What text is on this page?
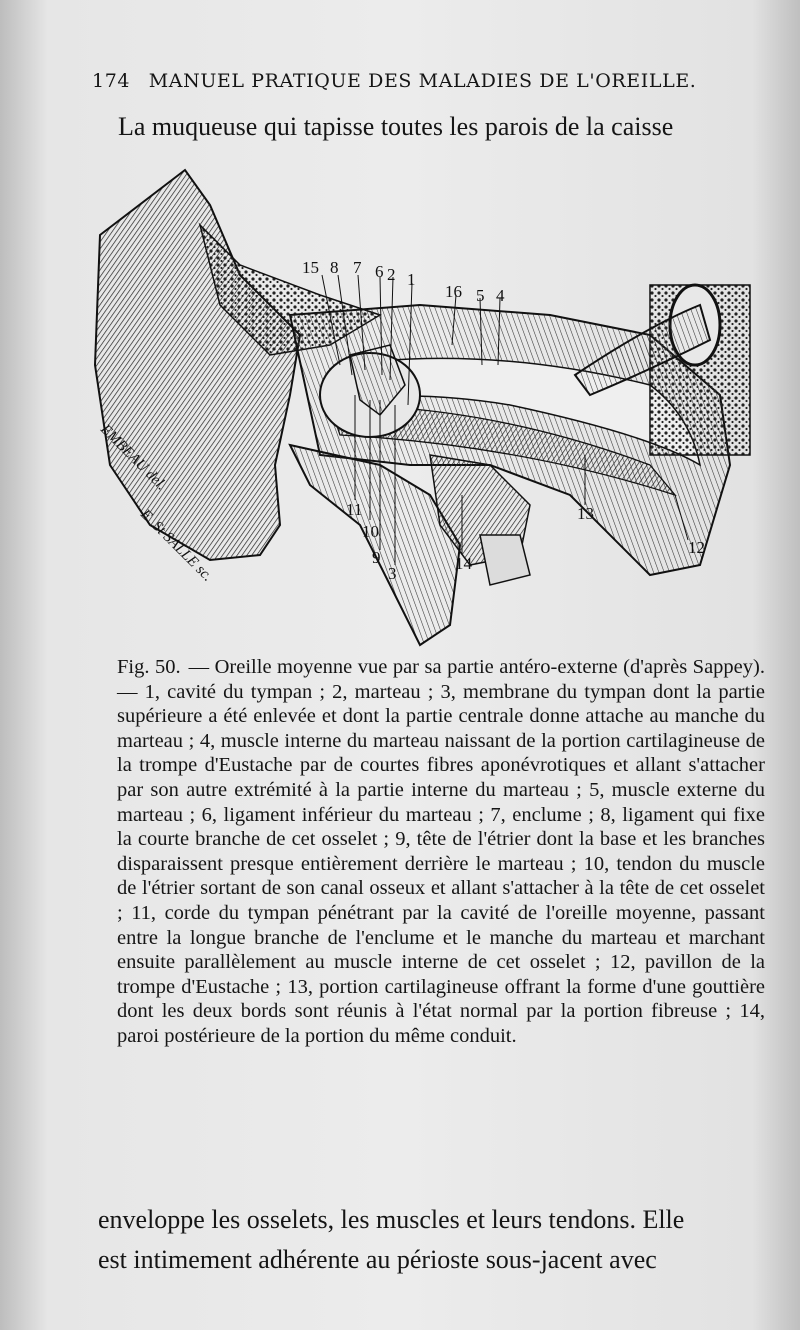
174 MANUEL PRATIQUE DES MALADIES DE L'OREILLE.
La muqueuse qui tapisse toutes les parois de la caisse
15 8 7 6 2 1
16 5 4
11
10
9
3
14
13
12
EMBEAU del.
E. St SALLE sc.
Fig. 50. — Oreille moyenne vue par sa partie antéro-externe (d'après Sappey). — 1, cavité du tympan ; 2, marteau ; 3, membrane du tympan dont la partie supérieure a été enlevée et dont la partie centrale donne attache au manche du marteau ; 4, muscle interne du marteau naissant de la portion cartilagineuse de la trompe d'Eustache par de courtes fibres aponévrotiques et allant s'attacher par son autre extrémité à la partie interne du marteau ; 5, muscle externe du marteau ; 6, ligament inférieur du marteau ; 7, enclume ; 8, ligament qui fixe la courte branche de cet osselet ; 9, tête de l'étrier dont la base et les branches disparaissent presque entièrement derrière le marteau ; 10, tendon du muscle de l'étrier sortant de son canal osseux et allant s'attacher à la tête de cet osselet ; 11, corde du tympan pénétrant par la cavité de l'oreille moyenne, passant entre la longue branche de l'enclume et le manche du marteau et marchant ensuite parallèlement au muscle interne de cet osselet ; 12, pavillon de la trompe d'Eustache ; 13, portion cartilagineuse offrant la forme d'une gouttière dont les deux bords sont réunis à l'état normal par la portion fibreuse ; 14, paroi postérieure de la portion du même conduit.
enveloppe les osselets, les muscles et leurs tendons. Elle
est intimement adhérente au périoste sous-jacent avec
